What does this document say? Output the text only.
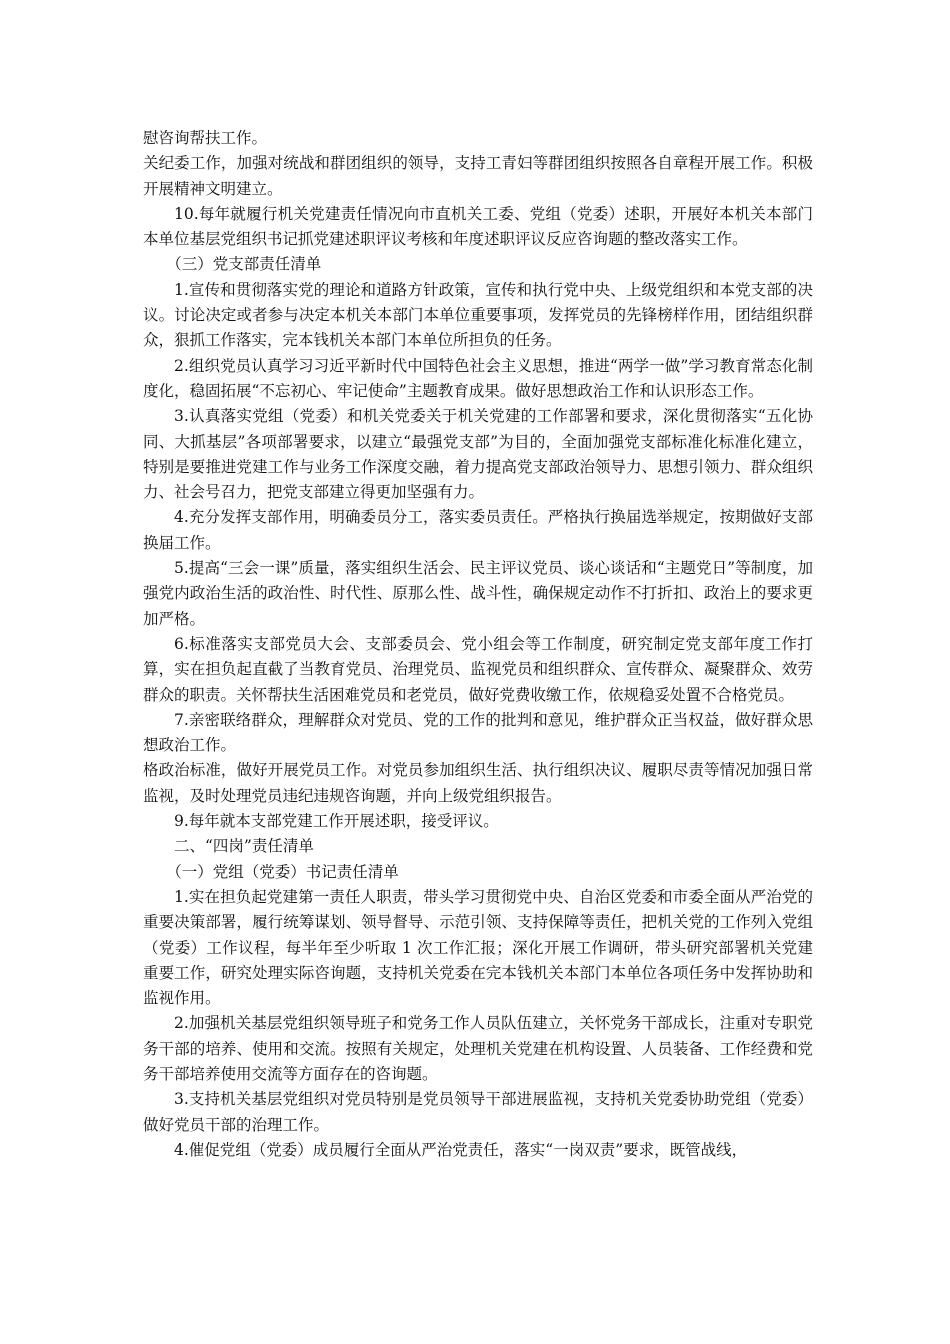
慰咨询帮扶工作。

关纪委工作，加强对统战和群团组织的领导，支持工青妇等群团组织按照各自章程开展工作。积极开展精神文明建立。

10.每年就履行机关党建责任情况向市直机关工委、党组（党委）述职，开展好本机关本部门本单位基层党组织书记抓党建述职评议考核和年度述职评议反应咨询题的整改落实工作。

（三）党支部责任清单

1.宣传和贯彻落实党的理论和道路方针政策，宣传和执行党中央、上级党组织和本党支部的决议。讨论决定或者参与决定本机关本部门本单位重要事项，发挥党员的先锋榜样作用，团结组织群众，狠抓工作落实，完本钱机关本部门本单位所担负的任务。

2.组织党员认真学习习近平新时代中国特色社会主义思想，推进“两学一做”学习教育常态化制度化，稳固拓展“不忘初心、牢记使命”主题教育成果。做好思想政治工作和认识形态工作。

3.认真落实党组（党委）和机关党委关于机关党建的工作部署和要求，深化贯彻落实“五化协同、大抓基层”各项部署要求，以建立“最强党支部”为目的，全面加强党支部标准化标准化建立，特别是要推进党建工作与业务工作深度交融，着力提高党支部政治领导力、思想引领力、群众组织力、社会号召力，把党支部建立得更加坚强有力。

4.充分发挥支部作用，明确委员分工，落实委员责任。严格执行换届选举规定，按期做好支部换届工作。

5.提高“三会一课”质量，落实组织生活会、民主评议党员、谈心谈话和“主题党日”等制度，加强党内政治生活的政治性、时代性、原那么性、战斗性，确保规定动作不打折扣、政治上的要求更加严格。

6.标准落实支部党员大会、支部委员会、党小组会等工作制度，研究制定党支部年度工作打算，实在担负起直截了当教育党员、治理党员、监视党员和组织群众、宣传群众、凝聚群众、效劳群众的职责。关怀帮扶生活困难党员和老党员，做好党费收缴工作，依规稳妥处置不合格党员。

7.亲密联络群众，理解群众对党员、党的工作的批判和意见，维护群众正当权益，做好群众思想政治工作。

格政治标准，做好开展党员工作。对党员参加组织生活、执行组织决议、履职尽责等情况加强日常监视，及时处理党员违纪违规咨询题，并向上级党组织报告。

9.每年就本支部党建工作开展述职，接受评议。

二、“四岗”责任清单

（一）党组（党委）书记责任清单

1.实在担负起党建第一责任人职责，带头学习贯彻党中央、自治区党委和市委全面从严治党的重要决策部署，履行统筹谋划、领导督导、示范引领、支持保障等责任，把机关党的工作列入党组（党委）工作议程，每半年至少听取 1 次工作汇报；深化开展工作调研，带头研究部署机关党建重要工作，研究处理实际咨询题，支持机关党委在完本钱机关本部门本单位各项任务中发挥协助和监视作用。

2.加强机关基层党组织领导班子和党务工作人员队伍建立，关怀党务干部成长，注重对专职党务干部的培养、使用和交流。按照有关规定，处理机关党建在机构设置、人员装备、工作经费和党务干部培养使用交流等方面存在的咨询题。

3.支持机关基层党组织对党员特别是党员领导干部进展监视，支持机关党委协助党组（党委）做好党员干部的治理工作。

4.催促党组（党委）成员履行全面从严治党责任，落实“一岗双责”要求，既管战线，
